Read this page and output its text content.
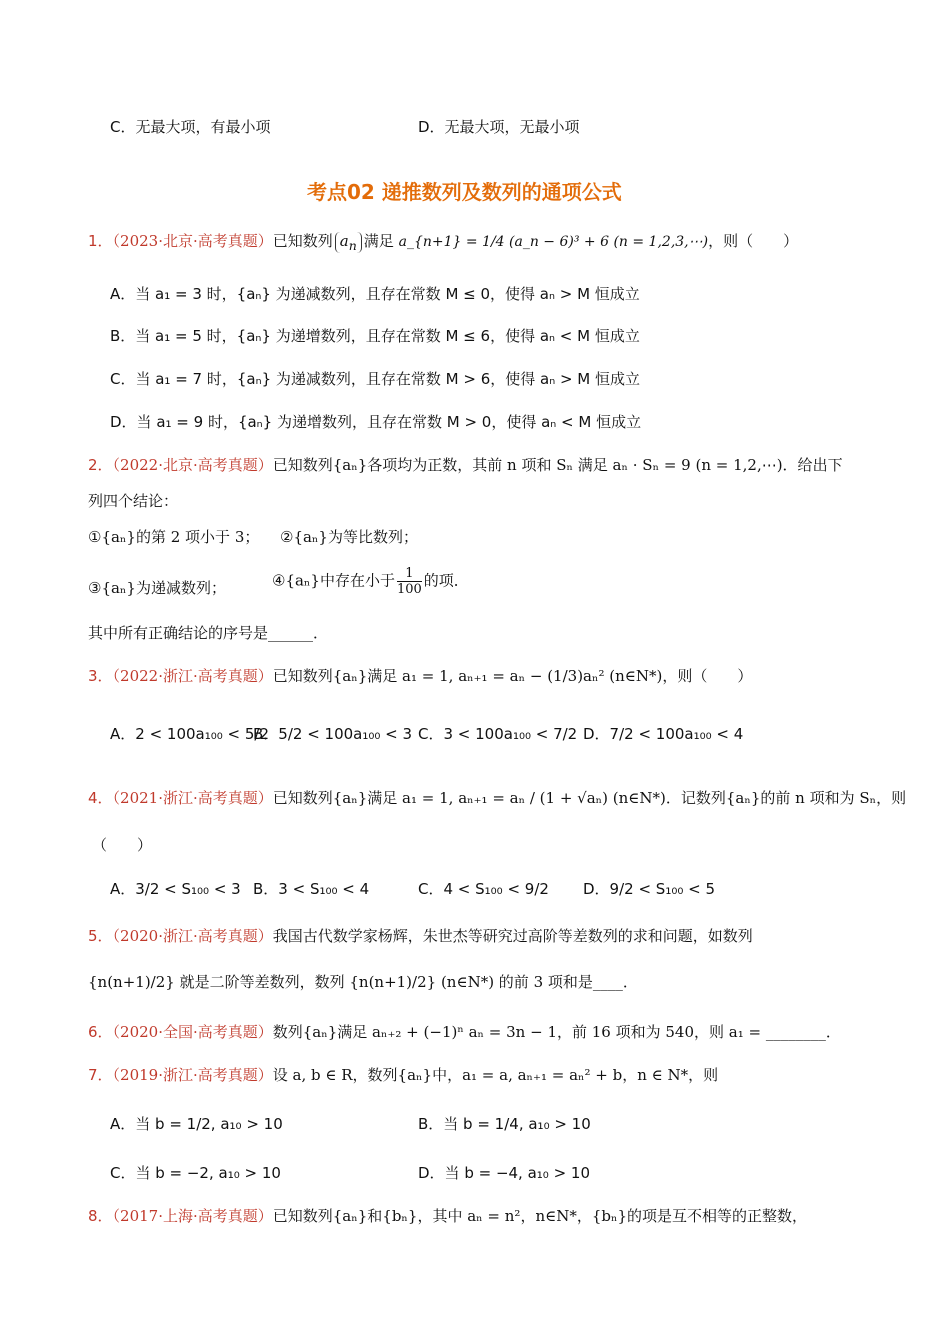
C．无最大项，有最小项	D．无最大项，无最小项
考点02 递推数列及数列的通项公式
1．（2023·北京·高考真题）已知数列 $a_n$ 满足 a_{n+1} = 1/4 (a_n − 6)³ + 6 (n = 1,2,3,⋯)，则（　　）
A．当 a₁ = 3 时，{aₙ} 为递减数列，且存在常数 M ≤ 0，使得 aₙ > M 恒成立
B．当 a₁ = 5 时，{aₙ} 为递增数列，且存在常数 M ≤ 6，使得 aₙ < M 恒成立
C．当 a₁ = 7 时，{aₙ} 为递减数列，且存在常数 M > 6，使得 aₙ > M 恒成立
D．当 a₁ = 9 时，{aₙ} 为递增数列，且存在常数 M > 0，使得 aₙ < M 恒成立
2．（2022·北京·高考真题）已知数列{aₙ}各项均为正数，其前 n 项和 Sₙ 满足 aₙ · Sₙ = 9 (n = 1,2,⋯)．给出下
列四个结论：
①{aₙ}的第 2 项小于 3； ②{aₙ}为等比数列；
③{aₙ}为递减数列；	④{aₙ}中存在小于 $\frac{1}{100}$ 的项．
其中所有正确结论的序号是______．
3．（2022·浙江·高考真题）已知数列{aₙ}满足 a₁ = 1, aₙ₊₁ = aₙ − (1/3)aₙ² (n∈N*)，则（　　）
A．2 < 100a₁₀₀ < 5/2
B．5/2 < 100a₁₀₀ < 3 C．3 < 100a₁₀₀ < 7/2 D．7/2 < 100a₁₀₀ < 4
4．（2021·浙江·高考真题）已知数列{aₙ}满足 a₁ = 1, aₙ₊₁ = aₙ / (1 + √aₙ) (n∈N*)．记数列{aₙ}的前 n 项和为 Sₙ，则
（　　）
A．3/2 < S₁₀₀ < 3 B．3 < S₁₀₀ < 4	C．4 < S₁₀₀ < 9/2 D．9/2 < S₁₀₀ < 5
5．（2020·浙江·高考真题）我国古代数学家杨辉，朱世杰等研究过高阶等差数列的求和问题，如数列
{n(n+1)/2} 就是二阶等差数列，数列 {n(n+1)/2} (n∈N*) 的前 3 项和是____．
6．（2020·全国·高考真题）数列{aₙ}满足 aₙ₊₂ + (−1)ⁿ aₙ = 3n − 1，前 16 项和为 540，则 a₁ = ________．
7．（2019·浙江·高考真题）设 a, b ∈ R，数列{aₙ}中，a₁ = a, aₙ₊₁ = aₙ² + b，n ∈ N*，则
A．当 b = 1/2, a₁₀ > 10	B．当 b = 1/4, a₁₀ > 10
C．当 b = −2, a₁₀ > 10	D．当 b = −4, a₁₀ > 10
8．（2017·上海·高考真题）已知数列{aₙ}和{bₙ}，其中 aₙ = n²，n∈N*，{bₙ}的项是互不相等的正整数，
